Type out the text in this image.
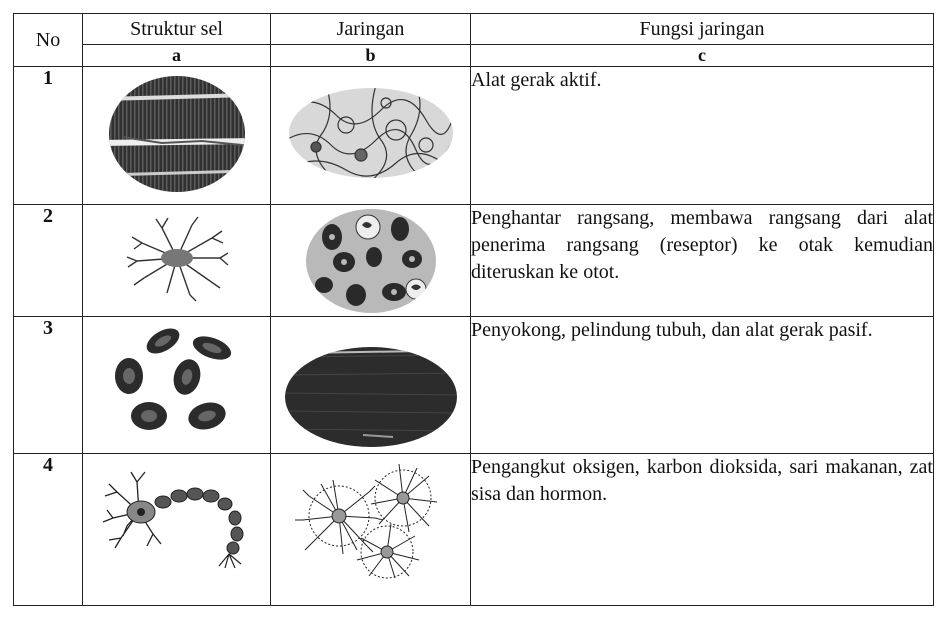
No	Struktur sel	Jaringan	Fungsi jaringan
	a	b	c
1			Alat gerak aktif.
2			Penghantar rangsang, membawa rangsang dari alat penerima rangsang (reseptor) ke otak kemudian diteruskan ke otot.
3			Penyokong, pelindung tubuh, dan alat gerak pasif.
4			Pengangkut oksigen, karbon dioksida, sari makanan, zat sisa dan hormon.
